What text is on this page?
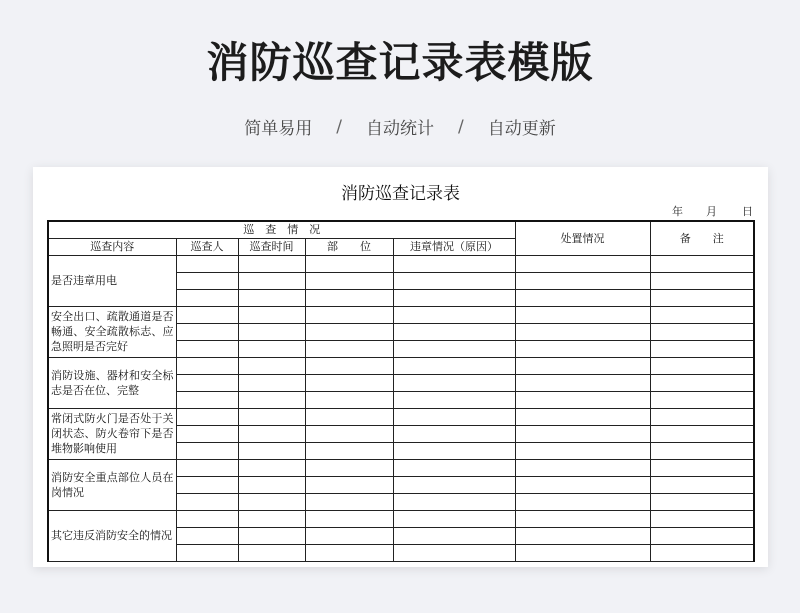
消防巡查记录表模版
简单易用 / 自动统计 / 自动更新
消防巡查记录表
年 月 日
巡　查　情　况					处置情况	备　　注
巡查内容	巡查人	巡查时间	部　　位	违章情况（原因）		
是否违章用电						

安全出口、疏散通道是否畅通、安全疏散标志、应急照明是否完好						

消防设施、器材和安全标志是否在位、完整						

常闭式防火门是否处于关闭状态、防火卷帘下是否堆物影响使用						

消防安全重点部位人员在岗情况						

其它违反消防安全的情况						
